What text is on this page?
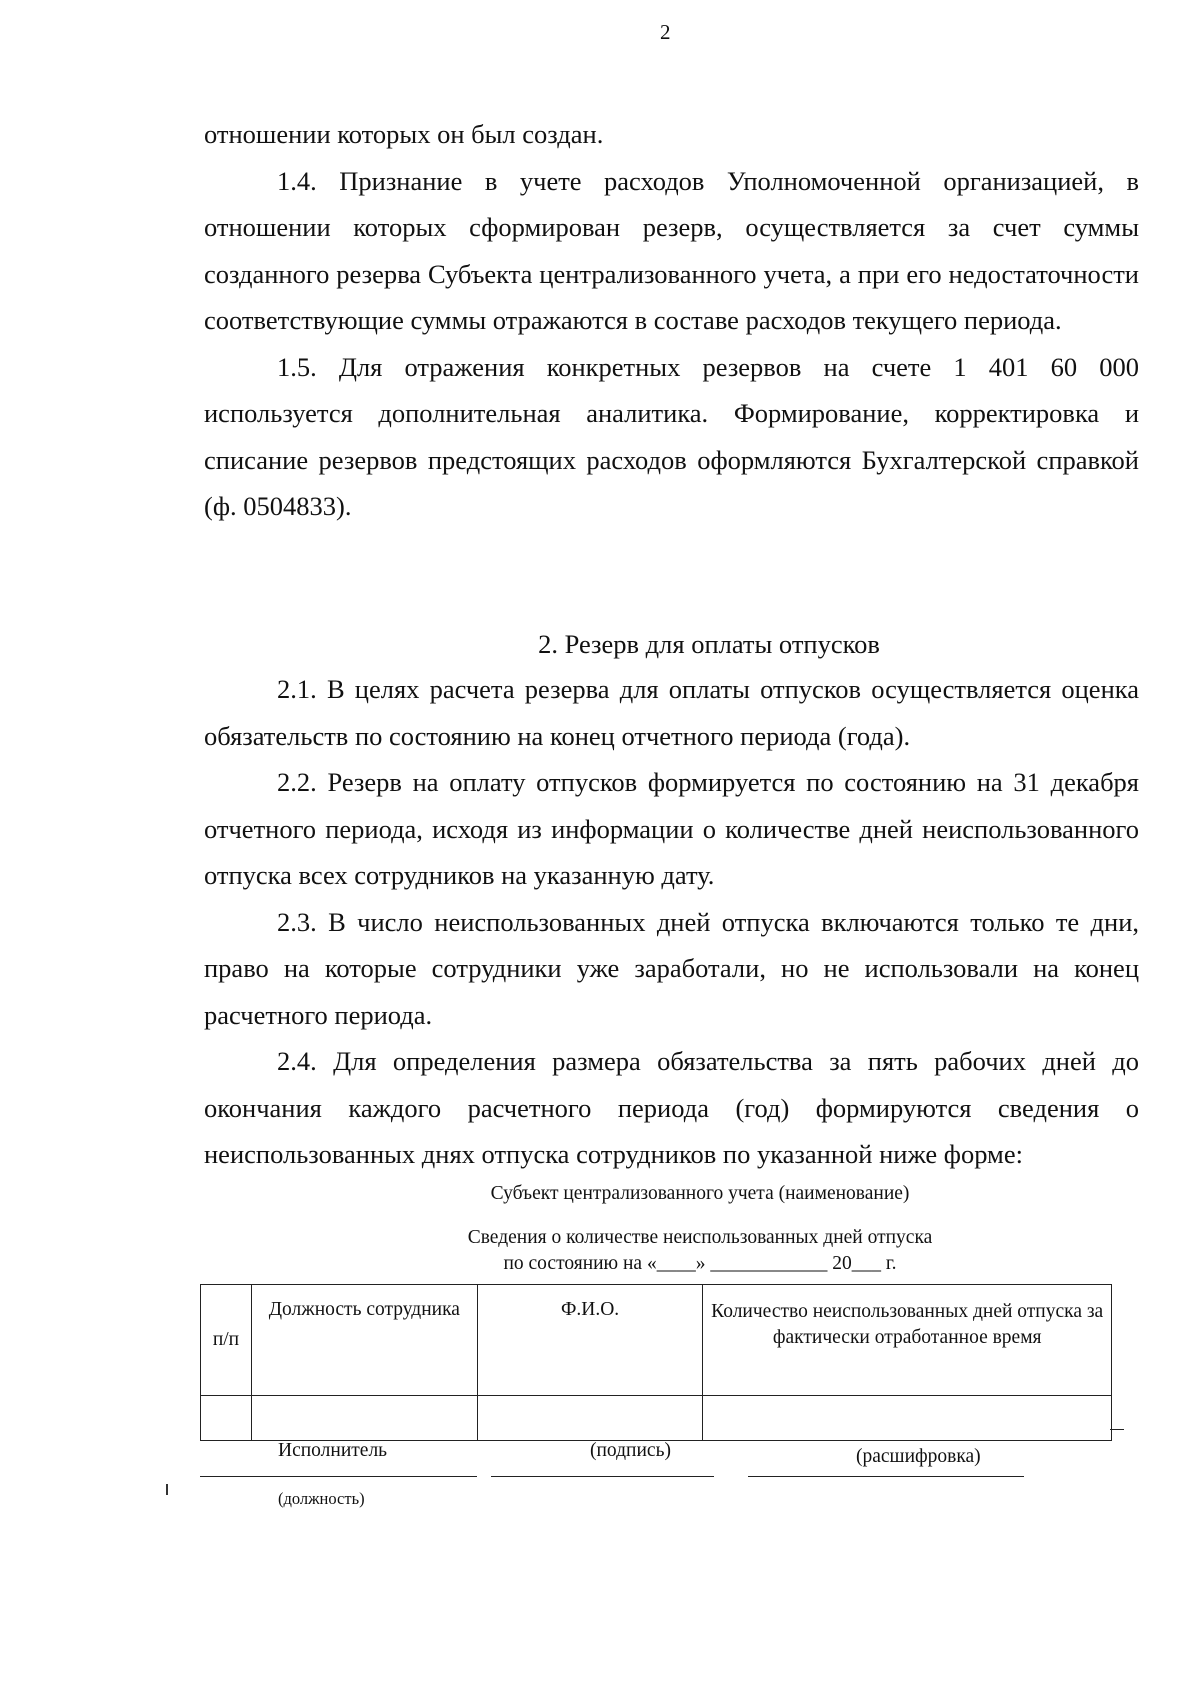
2

отношении которых он был создан.

1.4. Признание в учете расходов Уполномоченной организацией, в отношении которых сформирован резерв, осуществляется за счет суммы созданного резерва Субъекта централизованного учета, а при его недостаточности соответствующие суммы отражаются в составе расходов текущего периода.

1.5. Для отражения конкретных резервов на счете 1 401 60 000 используется дополнительная аналитика. Формирование, корректировка и списание резервов предстоящих расходов оформляются Бухгалтерской справкой (ф. 0504833).

2. Резерв для оплаты отпусков

2.1. В целях расчета резерва для оплаты отпусков осуществляется оценка обязательств по состоянию на конец отчетного периода (года).

2.2. Резерв на оплату отпусков формируется по состоянию на 31 декабря отчетного периода, исходя из информации о количестве дней неиспользованного отпуска всех сотрудников на указанную дату.

2.3. В число неиспользованных дней отпуска включаются только те дни, право на которые сотрудники уже заработали, но не использовали на конец расчетного периода.

2.4. Для определения размера обязательства за пять рабочих дней до окончания каждого расчетного периода (год) формируются сведения о неиспользованных днях отпуска сотрудников по указанной ниже форме:

Субъект централизованного учета (наименование)

Сведения о количестве неиспользованных дней отпуска

по состоянию на «____» ____________ 20___ г.

п/п	Должность сотрудника	Ф.И.О.	Количество неиспользованных дней отпуска за фактически отработанное время

Исполнитель	(подпись)	(расшифровка)

(должность)
